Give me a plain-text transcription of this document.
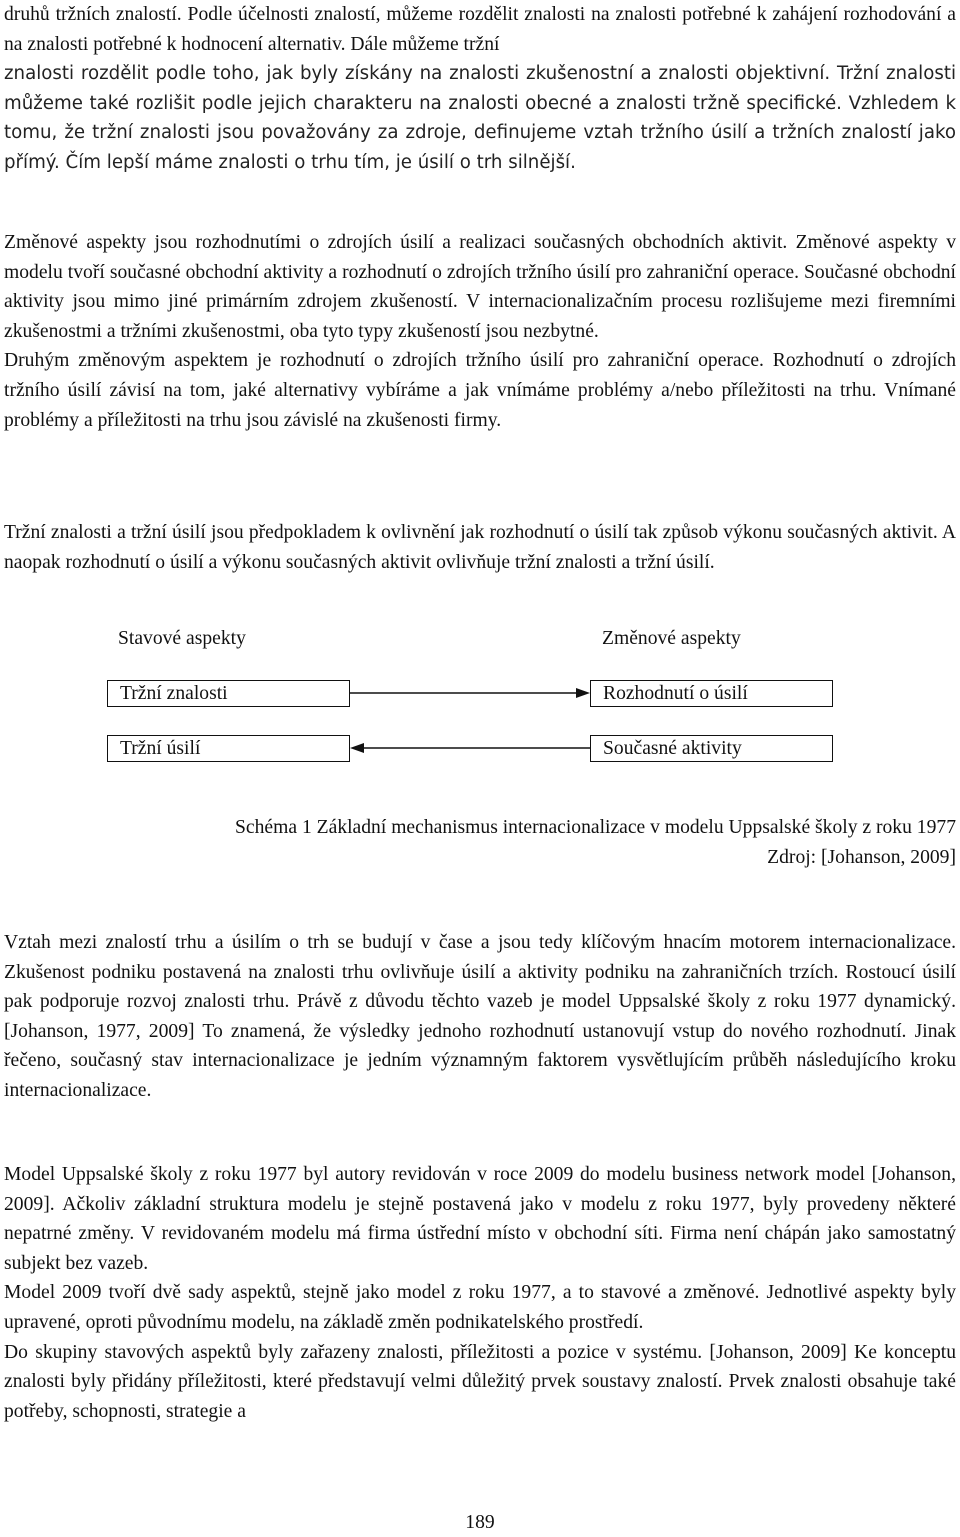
druhů tržních znalostí. Podle účelnosti znalostí, můžeme rozdělit znalosti na znalosti potřebné k zahájení rozhodování a na znalosti potřebné k hodnocení alternativ. Dále můžeme tržní

znalosti rozdělit podle toho, jak byly získány na znalosti zkušenostní a znalosti objektivní. Tržní znalosti můžeme také rozlišit podle jejich charakteru na znalosti obecné a znalosti tržně specifické. Vzhledem k tomu, že tržní znalosti jsou považovány za zdroje, definujeme vztah tržního úsilí a tržních znalostí jako přímý. Čím lepší máme znalosti o trhu tím, je úsilí o trh silnější.

Změnové aspekty jsou rozhodnutími o zdrojích úsilí a realizaci současných obchodních aktivit. Změnové aspekty v modelu tvoří současné obchodní aktivity a rozhodnutí o zdrojích tržního úsilí pro zahraniční operace. Současné obchodní aktivity jsou mimo jiné primárním zdrojem zkušeností. V internacionalizačním procesu rozlišujeme mezi firemními zkušenostmi a tržními zkušenostmi, oba tyto typy zkušeností jsou nezbytné.

Druhým změnovým aspektem je rozhodnutí o zdrojích tržního úsilí pro zahraniční operace. Rozhodnutí o zdrojích tržního úsilí závisí na tom, jaké alternativy vybíráme a jak vnímáme problémy a/nebo příležitosti na trhu. Vnímané problémy a příležitosti na trhu jsou závislé na zkušenosti firmy.

Tržní znalosti a tržní úsilí jsou předpokladem k ovlivnění jak rozhodnutí o úsilí tak způsob výkonu současných aktivit. A naopak rozhodnutí o úsilí a výkonu současných aktivit ovlivňuje tržní znalosti a tržní úsilí.

Stavové aspekty	Změnové aspekty
Tržní znalosti
Tržní úsilí
Rozhodnutí o úsilí
Současné aktivity
Schéma 1 Základní mechanismus internacionalizace v modelu Uppsalské školy z roku 1977
Zdroj: [Johanson, 2009]

Vztah mezi znalostí trhu a úsilím o trh se budují v čase a jsou tedy klíčovým hnacím motorem internacionalizace. Zkušenost podniku postavená na znalosti trhu ovlivňuje úsilí a aktivity podniku na zahraničních trzích. Rostoucí úsilí pak podporuje rozvoj znalosti trhu. Právě z důvodu těchto vazeb je model Uppsalské školy z roku 1977 dynamický. [Johanson, 1977, 2009] To znamená, že výsledky jednoho rozhodnutí ustanovují vstup do nového rozhodnutí. Jinak řečeno, současný stav internacionalizace je jedním významným faktorem vysvětlujícím průběh následujícího kroku internacionalizace.

Model Uppsalské školy z roku 1977 byl autory revidován v roce 2009 do modelu business network model [Johanson, 2009]. Ačkoliv základní struktura modelu je stejně postavená jako v modelu z roku 1977, byly provedeny některé nepatrné změny. V revidovaném modelu má firma ústřední místo v obchodní síti. Firma není chápán jako samostatný subjekt bez vazeb.

Model 2009 tvoří dvě sady aspektů, stejně jako model z roku 1977, a to stavové a změnové. Jednotlivé aspekty byly upravené, oproti původnímu modelu, na základě změn podnikatelského prostředí.

Do skupiny stavových aspektů byly zařazeny znalosti, příležitosti a pozice v systému. [Johanson, 2009] Ke konceptu znalosti byly přidány příležitosti, které představují velmi důležitý prvek soustavy znalostí. Prvek znalosti obsahuje také potřeby, schopnosti, strategie a

189
